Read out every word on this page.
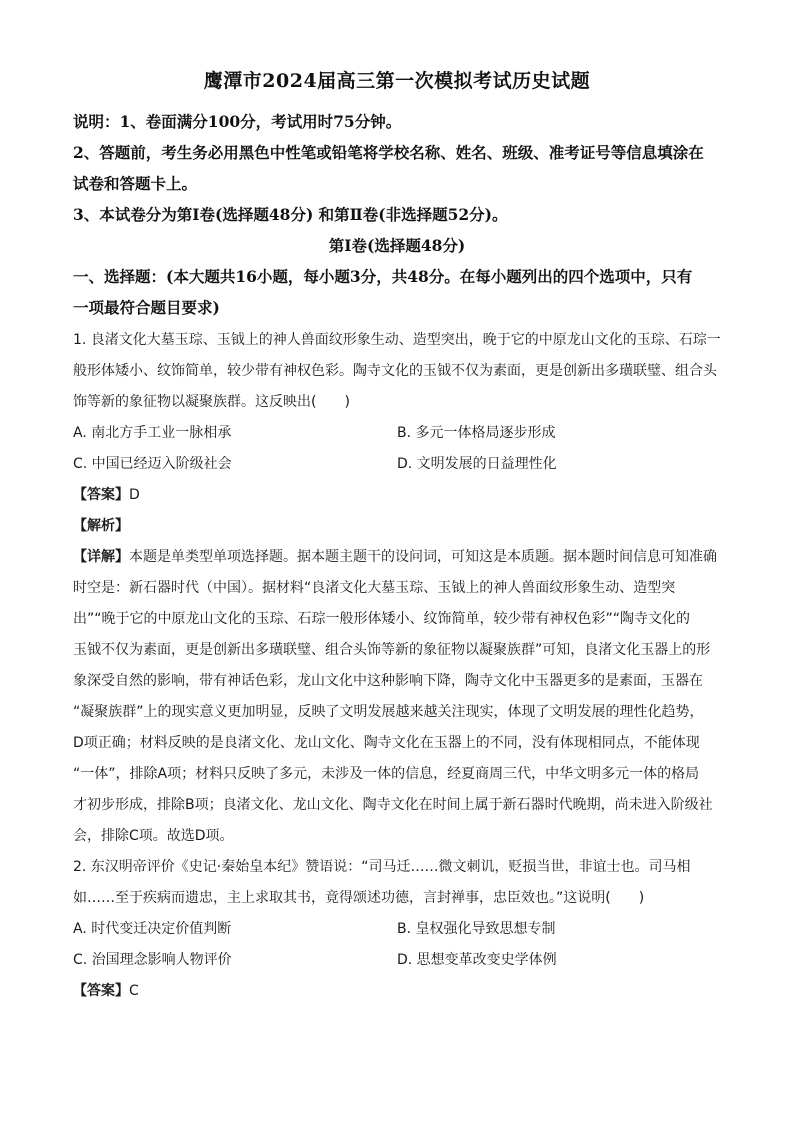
鹰潭市2024届高三第一次模拟考试历史试题
说明：1、卷面满分100分，考试用时75分钟。
2、答题前，考生务必用黑色中性笔或铅笔将学校名称、姓名、班级、准考证号等信息填涂在
试卷和答题卡上。
3、本试卷分为第Ⅰ卷(选择题48分) 和第Ⅱ卷(非选择题52分)。
第Ⅰ卷(选择题48分)
一、选择题：(本大题共16小题，每小题3分，共48分。在每小题列出的四个选项中，只有
一项最符合题目要求)
1. 良渚文化大墓玉琮、玉钺上的神人兽面纹形象生动、造型突出，晚于它的中原龙山文化的玉琮、石琮一
般形体矮小、纹饰简单，较少带有神权色彩。陶寺文化的玉钺不仅为素面，更是创新出多璜联璧、组合头
饰等新的象征物以凝聚族群。这反映出(　　)
A. 南北方手工业一脉相承	B. 多元一体格局逐步形成
C. 中国已经迈入阶级社会	D. 文明发展的日益理性化
【答案】D
【解析】
【详解】本题是单类型单项选择题。据本题主题干的设问词，可知这是本质题。据本题时间信息可知准确
时空是：新石器时代（中国）。据材料“良渚文化大墓玉琮、玉钺上的神人兽面纹形象生动、造型突
出”“晚于它的中原龙山文化的玉琮、石琮一般形体矮小、纹饰简单，较少带有神权色彩”“陶寺文化的
玉钺不仅为素面，更是创新出多璜联璧、组合头饰等新的象征物以凝聚族群”可知，良渚文化玉器上的形
象深受自然的影响，带有神话色彩，龙山文化中这种影响下降，陶寺文化中玉器更多的是素面，玉器在
“凝聚族群”上的现实意义更加明显，反映了文明发展越来越关注现实，体现了文明发展的理性化趋势，
D项正确；材料反映的是良渚文化、龙山文化、陶寺文化在玉器上的不同，没有体现相同点，不能体现
“一体”，排除A项；材料只反映了多元，未涉及一体的信息，经夏商周三代，中华文明多元一体的格局
才初步形成，排除B项；良渚文化、龙山文化、陶寺文化在时间上属于新石器时代晚期，尚未进入阶级社
会，排除C项。故选D项。
2. 东汉明帝评价《史记·秦始皇本纪》赞语说：“司马迁……微文刺讥，贬损当世，非谊士也。司马相
如……至于疾病而遗忠，主上求取其书，竟得颂述功德，言封禅事，忠臣效也。”这说明(　　)
A. 时代变迁决定价值判断	B. 皇权强化导致思想专制
C. 治国理念影响人物评价	D. 思想变革改变史学体例
【答案】C
